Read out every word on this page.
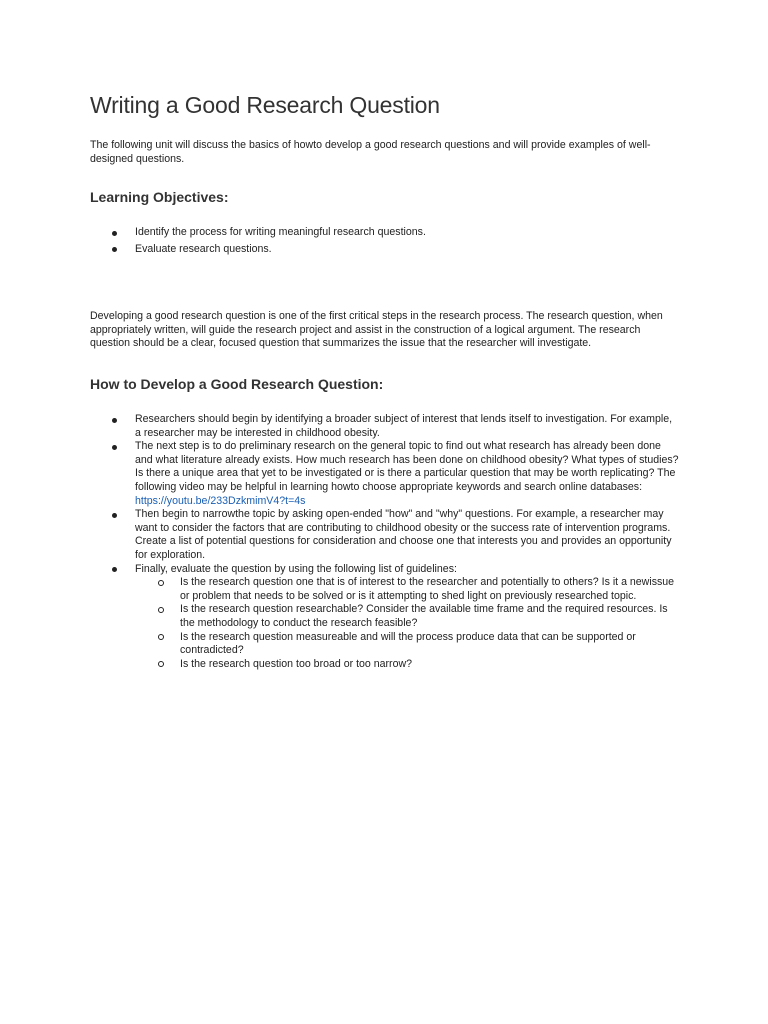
Writing a Good Research Question

The following unit will discuss the basics of howto develop a good research questions and will provide examples of well-designed questions.

Learning Objectives:
Identify the process for writing meaningful research questions.
Evaluate research questions.

Developing a good research question is one of the first critical steps in the research process. The research question, when appropriately written, will guide the research project and assist in the construction of a logical argument. The research question should be a clear, focused question that summarizes the issue that the researcher will investigate.

How to Develop a Good Research Question:
Researchers should begin by identifying a broader subject of interest that lends itself to investigation. For example, a researcher may be interested in childhood obesity.
The next step is to do preliminary research on the general topic to find out what research has already been done and what literature already exists. How much research has been done on childhood obesity? What types of studies? Is there a unique area that yet to be investigated or is there a particular question that may be worth replicating? The following video may be helpful in learning howto choose appropriate keywords and search online databases: https://youtu.be/233DzkmimV4?t=4s
Then begin to narrowthe topic by asking open-ended "how" and "why" questions. For example, a researcher may want to consider the factors that are contributing to childhood obesity or the success rate of intervention programs. Create a list of potential questions for consideration and choose one that interests you and provides an opportunity for exploration.
Finally, evaluate the question by using the following list of guidelines:
Is the research question one that is of interest to the researcher and potentially to others? Is it a newissue or problem that needs to be solved or is it attempting to shed light on previously researched topic.
Is the research question researchable? Consider the available time frame and the required resources. Is the methodology to conduct the research feasible?
Is the research question measureable and will the process produce data that can be supported or contradicted?
Is the research question too broad or too narrow?
